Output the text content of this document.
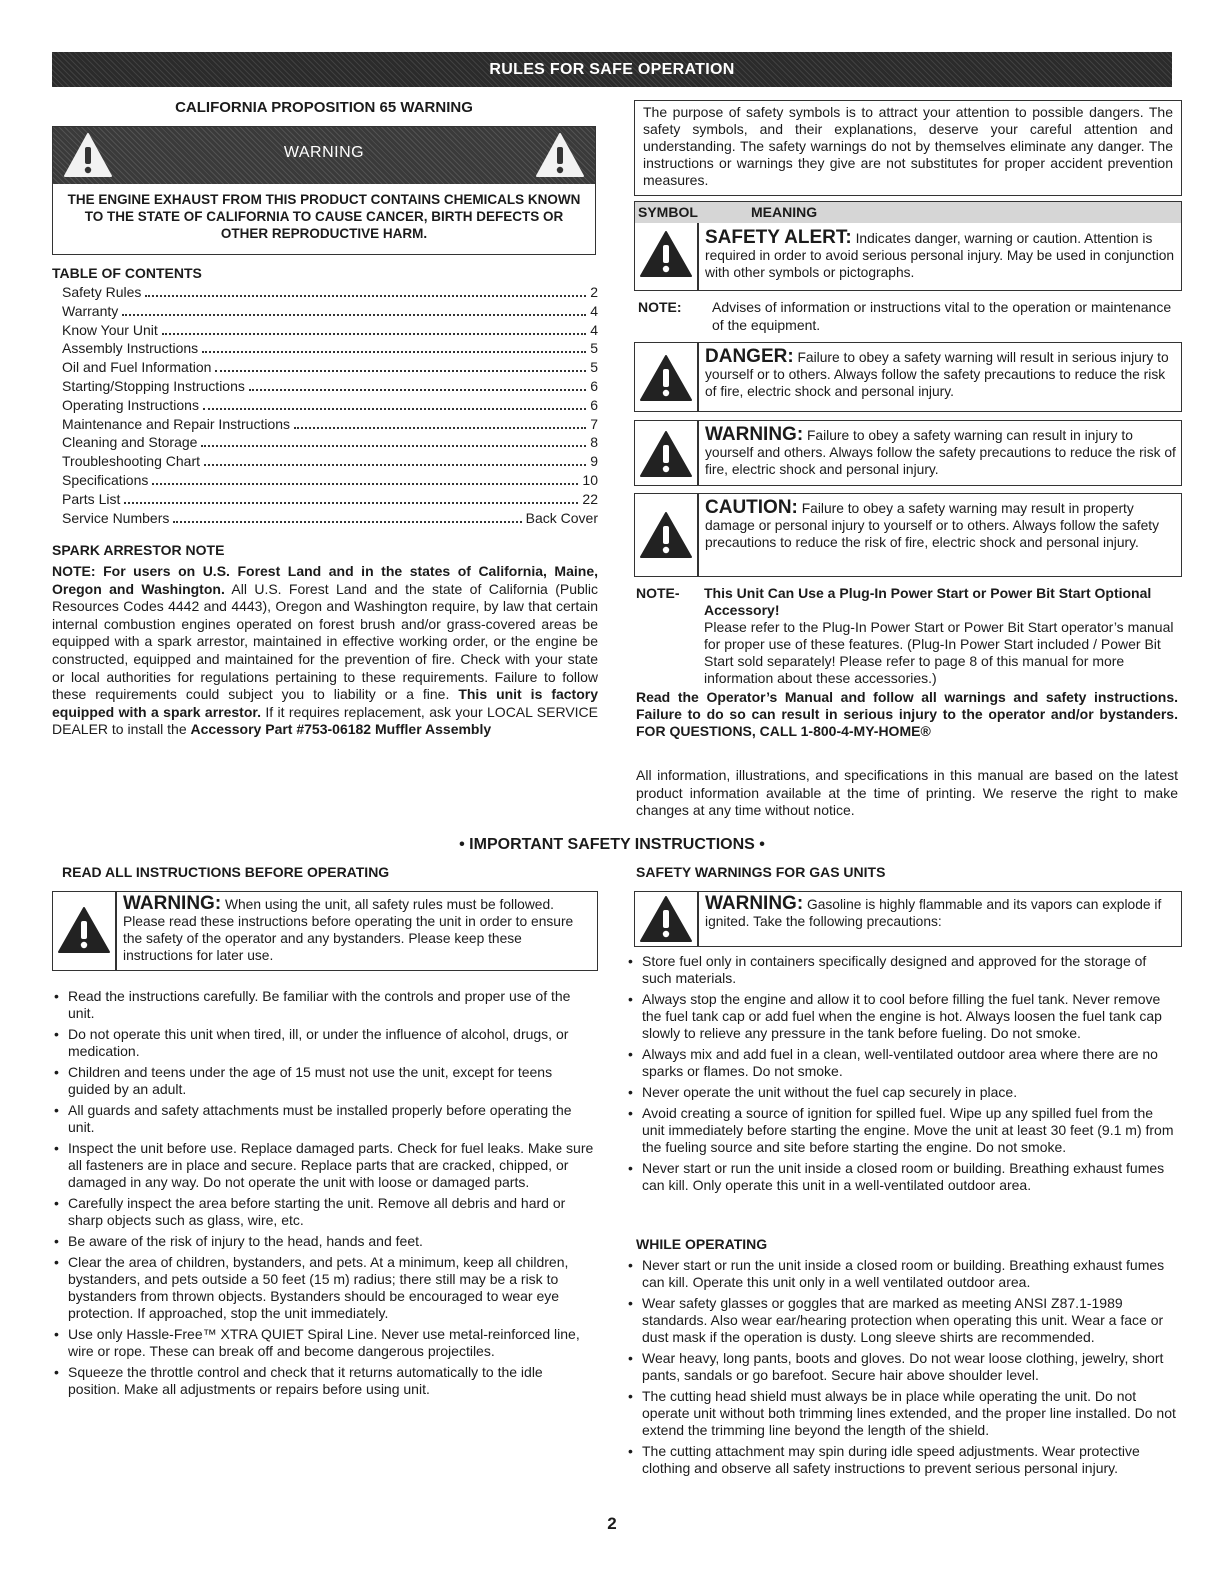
RULES FOR SAFE OPERATION
CALIFORNIA PROPOSITION 65 WARNING
WARNING
THE ENGINE EXHAUST FROM THIS PRODUCT CONTAINS CHEMICALS KNOWN TO THE STATE OF CALIFORNIA TO CAUSE CANCER, BIRTH DEFECTS OR OTHER REPRODUCTIVE HARM.
TABLE OF CONTENTS
Safety Rules	2
Warranty	4
Know Your Unit	4
Assembly Instructions	5
Oil and Fuel Information	5
Starting/Stopping Instructions	6
Operating Instructions	6
Maintenance and Repair Instructions	7
Cleaning and Storage	8
Troubleshooting Chart	9
Specifications	10
Parts List	22
Service Numbers	Back Cover
SPARK ARRESTOR NOTE
NOTE: For users on U.S. Forest Land and in the states of California, Maine, Oregon and Washington. All U.S. Forest Land and the state of California (Public Resources Codes 4442 and 4443), Oregon and Washington require, by law that certain internal combustion engines operated on forest brush and/or grass-covered areas be equipped with a spark arrestor, maintained in effective working order, or the engine be constructed, equipped and maintained for the prevention of fire. Check with your state or local authorities for regulations pertaining to these requirements. Failure to follow these requirements could subject you to liability or a fine. This unit is factory equipped with a spark arrestor. If it requires replacement, ask your LOCAL SERVICE DEALER to install the Accessory Part #753-06182 Muffler Assembly
The purpose of safety symbols is to attract your attention to possible dangers. The safety symbols, and their explanations, deserve your careful attention and understanding. The safety warnings do not by themselves eliminate any danger. The instructions or warnings they give are not substitutes for proper accident prevention measures.
SYMBOL	MEANING
SAFETY ALERT: Indicates danger, warning or caution. Attention is required in order to avoid serious personal injury. May be used in conjunction with other symbols or pictographs.
NOTE: Advises of information or instructions vital to the operation or maintenance of the equipment.
DANGER: Failure to obey a safety warning will result in serious injury to yourself or to others. Always follow the safety precautions to reduce the risk of fire, electric shock and personal injury.
WARNING: Failure to obey a safety warning can result in injury to yourself and others. Always follow the safety precautions to reduce the risk of fire, electric shock and personal injury.
CAUTION: Failure to obey a safety warning may result in property damage or personal injury to yourself or to others. Always follow the safety precautions to reduce the risk of fire, electric shock and personal injury.
NOTE- This Unit Can Use a Plug-In Power Start or Power Bit Start Optional Accessory!
Please refer to the Plug-In Power Start or Power Bit Start operator’s manual for proper use of these features. (Plug-In Power Start included / Power Bit Start sold separately! Please refer to page 8 of this manual for more information about these accessories.)
Read the Operator’s Manual and follow all warnings and safety instructions. Failure to do so can result in serious injury to the operator and/or bystanders. FOR QUESTIONS, CALL 1-800-4-MY-HOME®
All information, illustrations, and specifications in this manual are based on the latest product information available at the time of printing. We reserve the right to make changes at any time without notice.
• IMPORTANT SAFETY INSTRUCTIONS •
READ ALL INSTRUCTIONS BEFORE OPERATING
WARNING: When using the unit, all safety rules must be followed. Please read these instructions before operating the unit in order to ensure the safety of the operator and any bystanders. Please keep these instructions for later use.
• Read the instructions carefully. Be familiar with the controls and proper use of the unit.
• Do not operate this unit when tired, ill, or under the influence of alcohol, drugs, or medication.
• Children and teens under the age of 15 must not use the unit, except for teens guided by an adult.
• All guards and safety attachments must be installed properly before operating the unit.
• Inspect the unit before use. Replace damaged parts. Check for fuel leaks. Make sure all fasteners are in place and secure. Replace parts that are cracked, chipped, or damaged in any way. Do not operate the unit with loose or damaged parts.
• Carefully inspect the area before starting the unit. Remove all debris and hard or sharp objects such as glass, wire, etc.
• Be aware of the risk of injury to the head, hands and feet.
• Clear the area of children, bystanders, and pets. At a minimum, keep all children, bystanders, and pets outside a 50 feet (15 m) radius; there still may be a risk to bystanders from thrown objects. Bystanders should be encouraged to wear eye protection. If approached, stop the unit immediately.
• Use only Hassle-Free™ XTRA QUIET Spiral Line. Never use metal-reinforced line, wire or rope. These can break off and become dangerous projectiles.
• Squeeze the throttle control and check that it returns automatically to the idle position. Make all adjustments or repairs before using unit.
SAFETY WARNINGS FOR GAS UNITS
WARNING: Gasoline is highly flammable and its vapors can explode if ignited. Take the following precautions:
• Store fuel only in containers specifically designed and approved for the storage of such materials.
• Always stop the engine and allow it to cool before filling the fuel tank. Never remove the fuel tank cap or add fuel when the engine is hot. Always loosen the fuel tank cap slowly to relieve any pressure in the tank before fueling. Do not smoke.
• Always mix and add fuel in a clean, well-ventilated outdoor area where there are no sparks or flames. Do not smoke.
• Never operate the unit without the fuel cap securely in place.
• Avoid creating a source of ignition for spilled fuel. Wipe up any spilled fuel from the unit immediately before starting the engine. Move the unit at least 30 feet (9.1 m) from the fueling source and site before starting the engine. Do not smoke.
• Never start or run the unit inside a closed room or building. Breathing exhaust fumes can kill. Only operate this unit in a well-ventilated outdoor area.
WHILE OPERATING
• Never start or run the unit inside a closed room or building. Breathing exhaust fumes can kill. Operate this unit only in a well ventilated outdoor area.
• Wear safety glasses or goggles that are marked as meeting ANSI Z87.1-1989 standards. Also wear ear/hearing protection when operating this unit. Wear a face or dust mask if the operation is dusty. Long sleeve shirts are recommended.
• Wear heavy, long pants, boots and gloves. Do not wear loose clothing, jewelry, short pants, sandals or go barefoot. Secure hair above shoulder level.
• The cutting head shield must always be in place while operating the unit. Do not operate unit without both trimming lines extended, and the proper line installed. Do not extend the trimming line beyond the length of the shield.
• The cutting attachment may spin during idle speed adjustments. Wear protective clothing and observe all safety instructions to prevent serious personal injury.
2
